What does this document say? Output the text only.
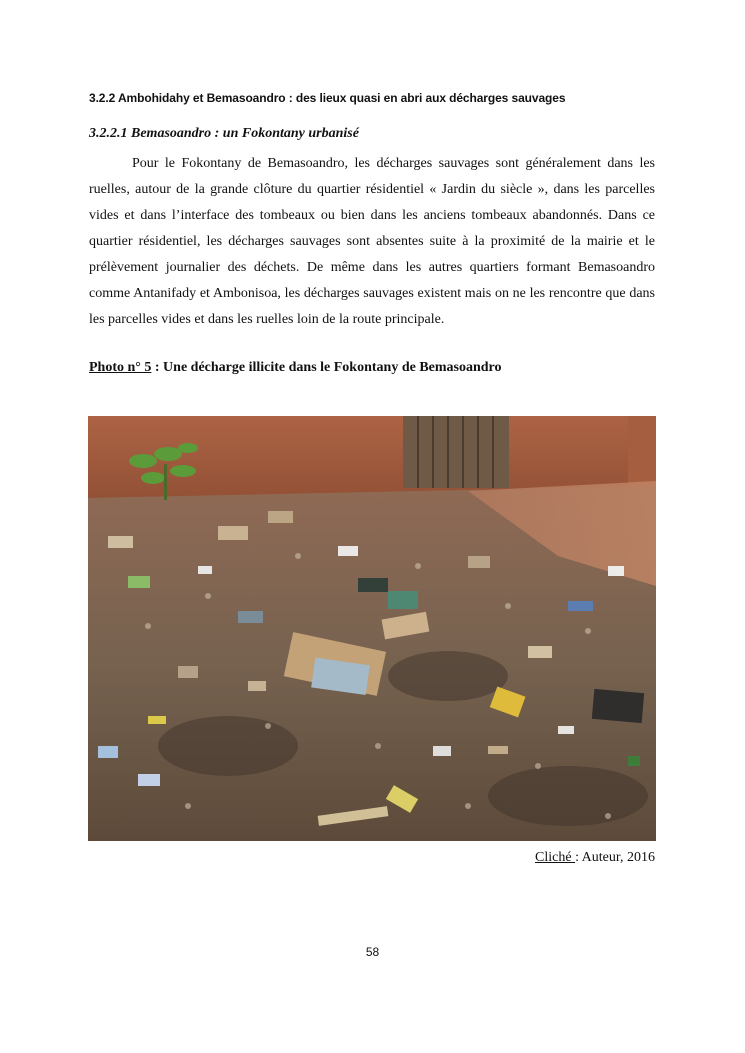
3.2.2 Ambohidahy et Bemasoandro : des lieux quasi en abri aux décharges sauvages
3.2.2.1 Bemasoandro : un Fokontany urbanisé

Pour le Fokontany de Bemasoandro, les décharges sauvages sont généralement dans les ruelles, autour de la grande clôture du quartier résidentiel « Jardin du siècle », dans les parcelles vides et dans l’interface des tombeaux ou bien dans les anciens tombeaux abandonnés. Dans ce quartier résidentiel, les décharges sauvages sont absentes suite à la proximité de la mairie et le prélèvement journalier des déchets. De même dans les autres quartiers formant Bemasoandro comme Antanifady et Ambonisoa, les décharges sauvages existent mais on ne les rencontre que dans les parcelles vides et dans les ruelles loin de la route principale.

Photo n° 5 : Une décharge illicite dans le Fokontany de Bemasoandro
Cliché : Auteur, 2016
58
